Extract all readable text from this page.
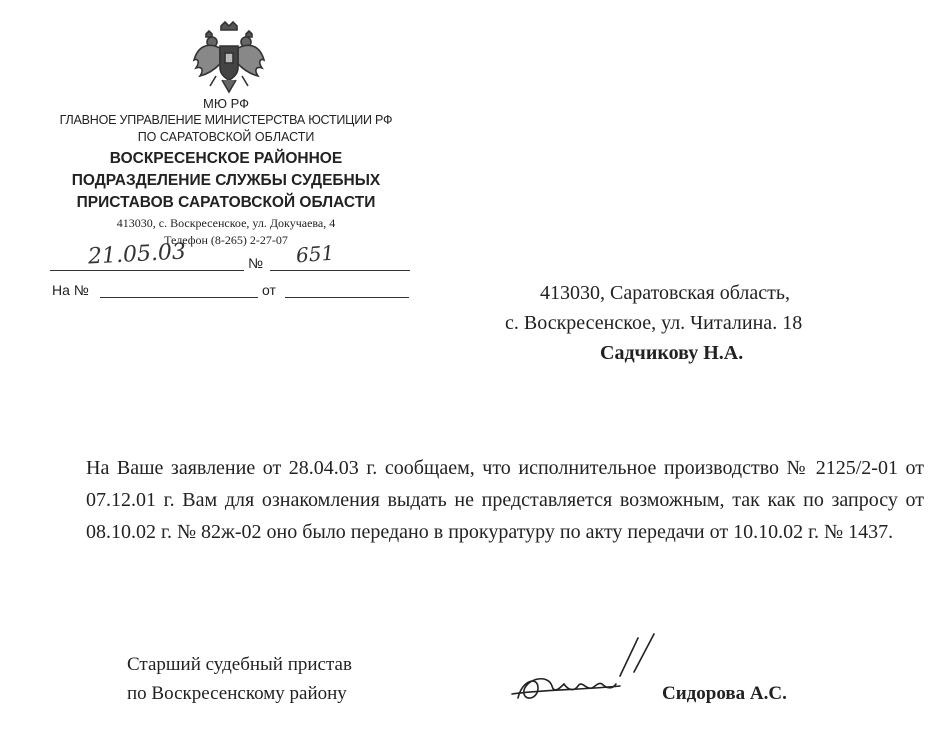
МЮ РФ
ГЛАВНОЕ УПРАВЛЕНИЕ МИНИСТЕРСТВА ЮСТИЦИИ РФ
ПО САРАТОВСКОЙ ОБЛАСТИ
ВОСКРЕСЕНСКОЕ РАЙОННОЕ
ПОДРАЗДЕЛЕНИЕ СЛУЖБЫ СУДЕБНЫХ
ПРИСТАВОВ САРАТОВСКОЙ ОБЛАСТИ
413030, с. Воскресенское, ул. Докучаева, 4
Телефон (8-265) 2-27-07
21.05.03	№ 651
На №	от	413030, Саратовская область,
с. Воскресенское, ул. Читалина. 18
Садчикову Н.А.
На Ваше заявление от 28.04.03 г. сообщаем, что исполнительное производство № 2125/2-01 от 07.12.01 г. Вам для ознакомления выдать не представляется возможным, так как по запросу от 08.10.02 г. № 82ж-02 оно было передано в прокуратуру по акту передачи от 10.10.02 г. № 1437.
Старший судебный пристав
по Воскресенскому району	Сидорова А.С.
